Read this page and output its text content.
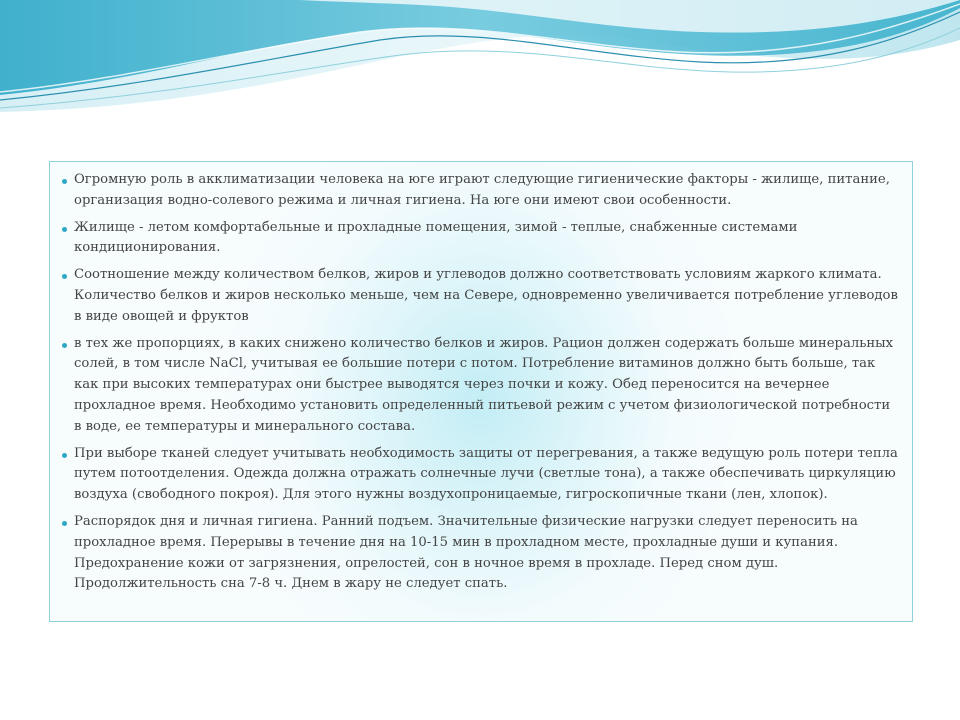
Огромную роль в акклиматизации человека на юге играют следующие гигиенические факторы - жилище, питание, организация водно-солевого режима и личная гигиена. На юге они имеют свои особенности.
Жилище - летом комфортабельные и прохладные помещения, зимой - теплые, снабженные системами кондиционирования.
Соотношение между количеством белков, жиров и углеводов должно соответствовать условиям жаркого климата. Количество белков и жиров несколько меньше, чем на Севере, одновременно увеличивается потребление углеводов в виде овощей и фруктов
в тех же пропорциях, в каких снижено количество белков и жиров. Рацион должен содержать больше минеральных солей, в том числе NaCl, учитывая ее большие потери с потом. Потребление витаминов должно быть больше, так как при высоких температурах они быстрее выводятся через почки и кожу. Обед переносится на вечернее прохладное время. Необходимо установить определенный питьевой режим с учетом физиологической потребности в воде, ее температуры и минерального состава.
При выборе тканей следует учитывать необходимость защиты от перегревания, а также ведущую роль потери тепла путем потоотделения. Одежда должна отражать солнечные лучи (светлые тона), а также обеспечивать циркуляцию воздуха (свободного покроя). Для этого нужны воздухопроницаемые, гигроскопичные ткани (лен, хлопок).
Распорядок дня и личная гигиена. Ранний подъем. Значительные физические нагрузки следует переносить на прохладное время. Перерывы в течение дня на 10-15 мин в прохладном месте, прохладные души и купания. Предохранение кожи от загрязнения, опрелостей, сон в ночное время в прохладе. Перед сном душ. Продолжительность сна 7-8 ч. Днем в жару не следует спать.
